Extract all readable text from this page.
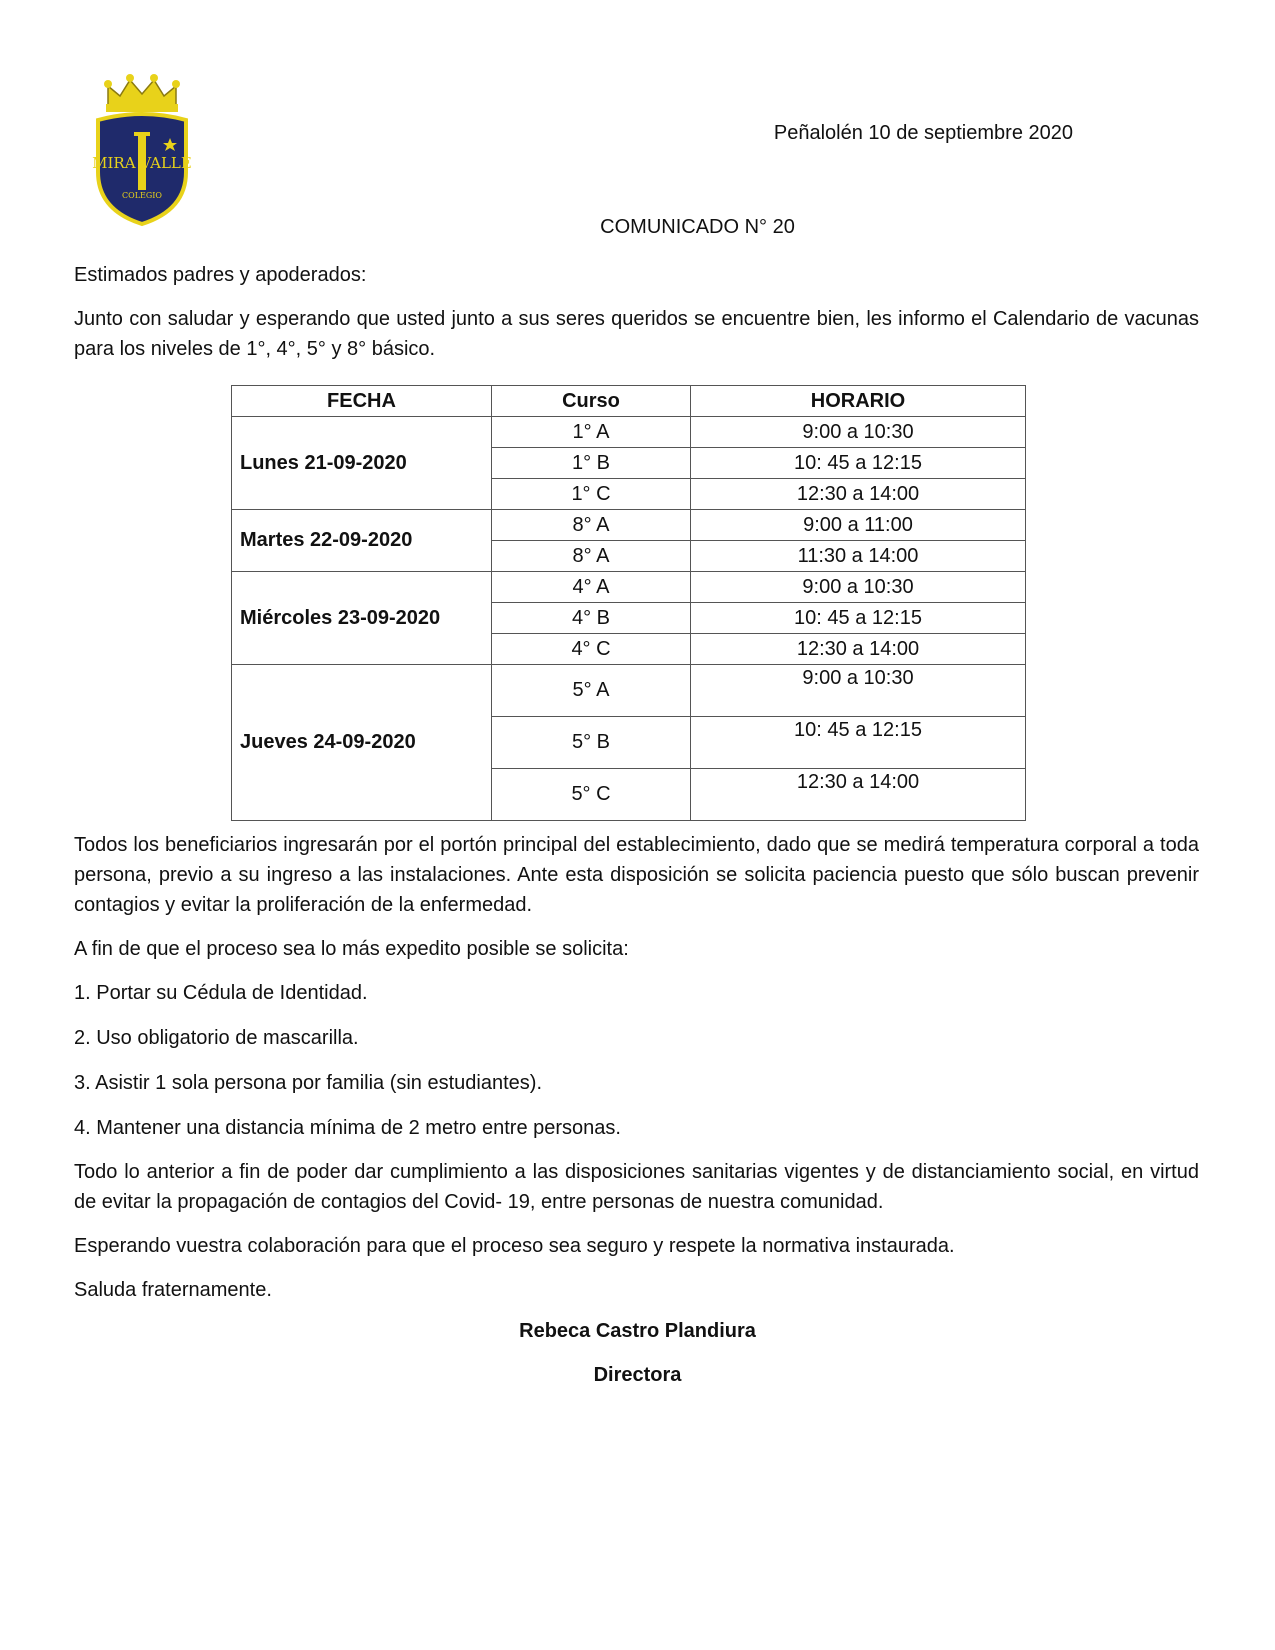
MIRA VALLE
COLEGIO
Peñalolén 10 de septiembre 2020
COMUNICADO N° 20
Estimados padres y apoderados:
Junto con saludar y esperando que usted junto a sus seres queridos se encuentre bien, les informo el Calendario de vacunas para los niveles de 1°, 4°, 5° y 8° básico.
FECHA	Curso	HORARIO
Lunes 21-09-2020	1° A	9:00 a 10:30
	1° B	10: 45 a 12:15
	1° C	12:30 a 14:00
Martes 22-09-2020	8° A	9:00 a 11:00
	8° A	11:30 a 14:00
Miércoles 23-09-2020	4° A	9:00 a 10:30
	4° B	10: 45 a 12:15
	4° C	12:30 a 14:00
Jueves 24-09-2020	5° A	9:00 a 10:30
	5° B	10: 45 a 12:15
	5° C	12:30 a 14:00
Todos los beneficiarios ingresarán por el portón principal del establecimiento, dado que se medirá temperatura corporal a toda persona, previo a su ingreso a las instalaciones. Ante esta disposición se solicita paciencia puesto que sólo buscan prevenir contagios y evitar la proliferación de la enfermedad.
A fin de que el proceso sea lo más expedito posible se solicita:
1. Portar su Cédula de Identidad.
2. Uso obligatorio de mascarilla.
3. Asistir 1 sola persona por familia (sin estudiantes).
4. Mantener una distancia mínima de 2 metro entre personas.
Todo lo anterior a fin de poder dar cumplimiento a las disposiciones sanitarias vigentes y de distanciamiento social, en virtud de evitar la propagación de contagios del Covid- 19, entre personas de nuestra comunidad.
Esperando vuestra colaboración para que el proceso sea seguro y respete la normativa instaurada.
Saluda fraternamente.
Rebeca Castro Plandiura
Directora
